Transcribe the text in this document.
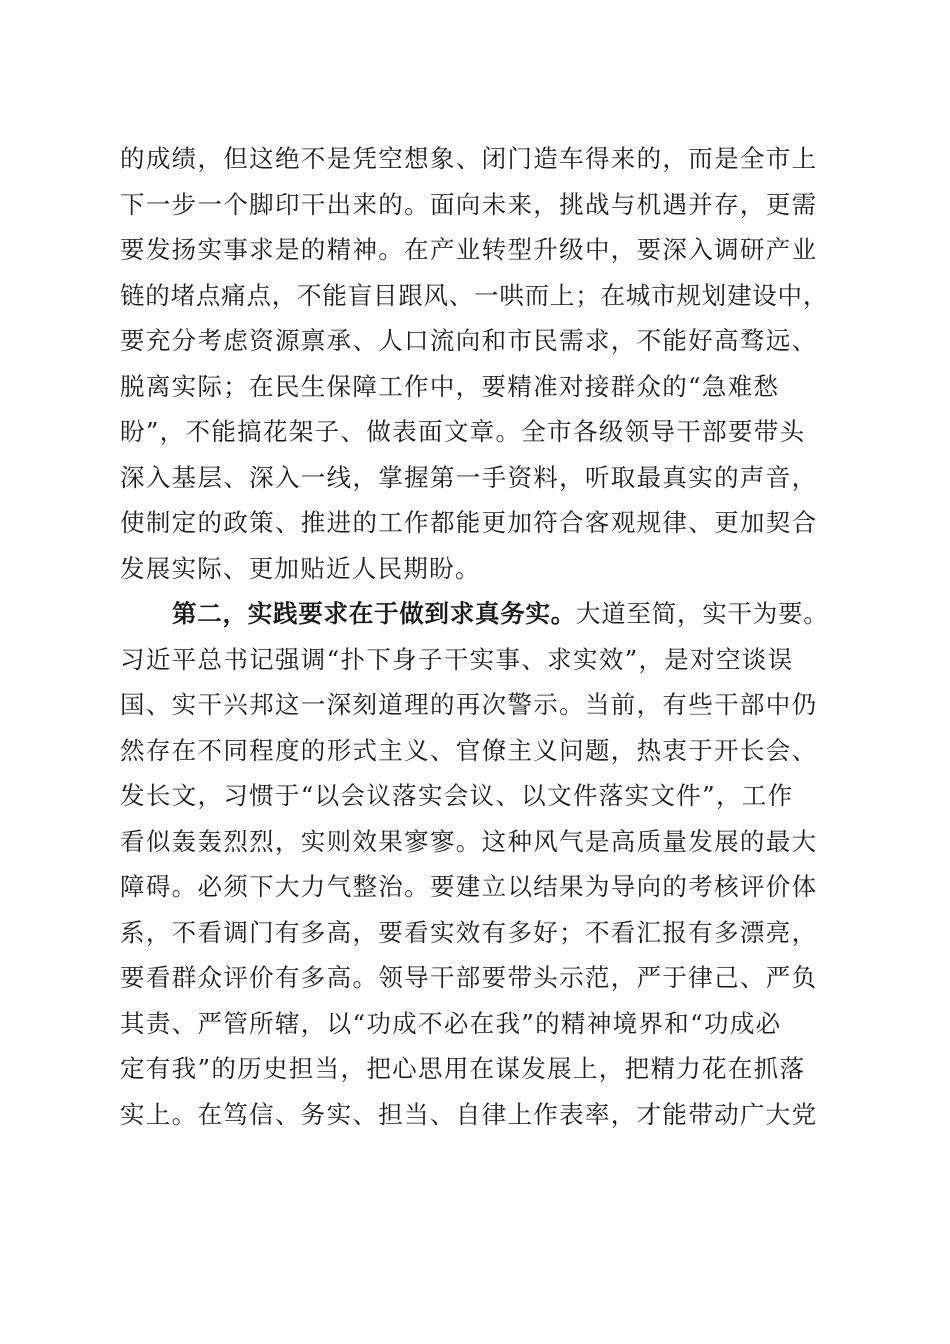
的成绩，但这绝不是凭空想象、闭门造车得来的，而是全市上
下一步一个脚印干出来的。面向未来，挑战与机遇并存，更需
要发扬实事求是的精神。在产业转型升级中，要深入调研产业
链的堵点痛点，不能盲目跟风、一哄而上；在城市规划建设中，
要充分考虑资源禀承、人口流向和市民需求，不能好高骛远、
脱离实际；在民生保障工作中，要精准对接群众的“急难愁
盼”，不能搞花架子、做表面文章。全市各级领导干部要带头
深入基层、深入一线，掌握第一手资料，听取最真实的声音，
使制定的政策、推进的工作都能更加符合客观规律、更加契合
发展实际、更加贴近人民期盼。
第二，实践要求在于做到求真务实。大道至简，实干为要。
习近平总书记强调“扑下身子干实事、求实效”，是对空谈误
国、实干兴邦这一深刻道理的再次警示。当前，有些干部中仍
然存在不同程度的形式主义、官僚主义问题，热衷于开长会、
发长文，习惯于“以会议落实会议、以文件落实文件”，工作
看似轰轰烈烈，实则效果寥寥。这种风气是高质量发展的最大
障碍。必须下大力气整治。要建立以结果为导向的考核评价体
系，不看调门有多高，要看实效有多好；不看汇报有多漂亮，
要看群众评价有多高。领导干部要带头示范，严于律己、严负
其责、严管所辖，以“功成不必在我”的精神境界和“功成必
定有我”的历史担当，把心思用在谋发展上，把精力花在抓落
实上。在笃信、务实、担当、自律上作表率，才能带动广大党
